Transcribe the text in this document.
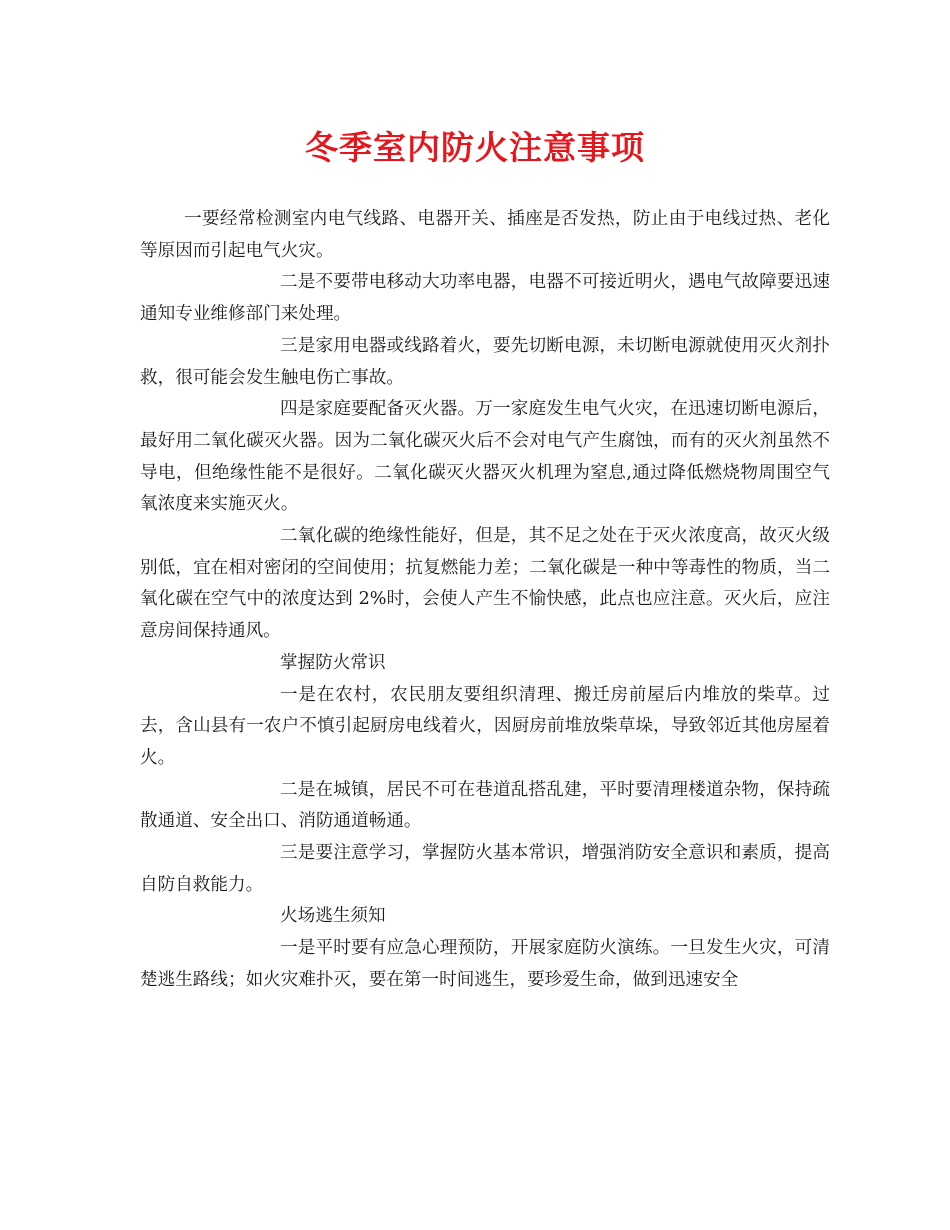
冬季室内防火注意事项

一要经常检测室内电气线路、电器开关、插座是否发热，防止由于电线过热、老化等原因而引起电气火灾。

二是不要带电移动大功率电器，电器不可接近明火，遇电气故障要迅速通知专业维修部门来处理。

三是家用电器或线路着火，要先切断电源，未切断电源就使用灭火剂扑救，很可能会发生触电伤亡事故。

四是家庭要配备灭火器。万一家庭发生电气火灾，在迅速切断电源后，最好用二氧化碳灭火器。因为二氧化碳灭火后不会对电气产生腐蚀，而有的灭火剂虽然不导电，但绝缘性能不是很好。二氧化碳灭火器灭火机理为窒息,通过降低燃烧物周围空气氧浓度来实施灭火。

二氧化碳的绝缘性能好，但是，其不足之处在于灭火浓度高，故灭火级别低，宜在相对密闭的空间使用；抗复燃能力差；二氧化碳是一种中等毒性的物质，当二氧化碳在空气中的浓度达到 2%时，会使人产生不愉快感，此点也应注意。灭火后，应注意房间保持通风。

掌握防火常识

一是在农村，农民朋友要组织清理、搬迁房前屋后内堆放的柴草。过去，含山县有一农户不慎引起厨房电线着火，因厨房前堆放柴草垛，导致邻近其他房屋着火。

二是在城镇，居民不可在巷道乱搭乱建，平时要清理楼道杂物，保持疏散通道、安全出口、消防通道畅通。

三是要注意学习，掌握防火基本常识，增强消防安全意识和素质，提高自防自救能力。

火场逃生须知

一是平时要有应急心理预防，开展家庭防火演练。一旦发生火灾，可清楚逃生路线；如火灾难扑灭，要在第一时间逃生，要珍爱生命，做到迅速安全
